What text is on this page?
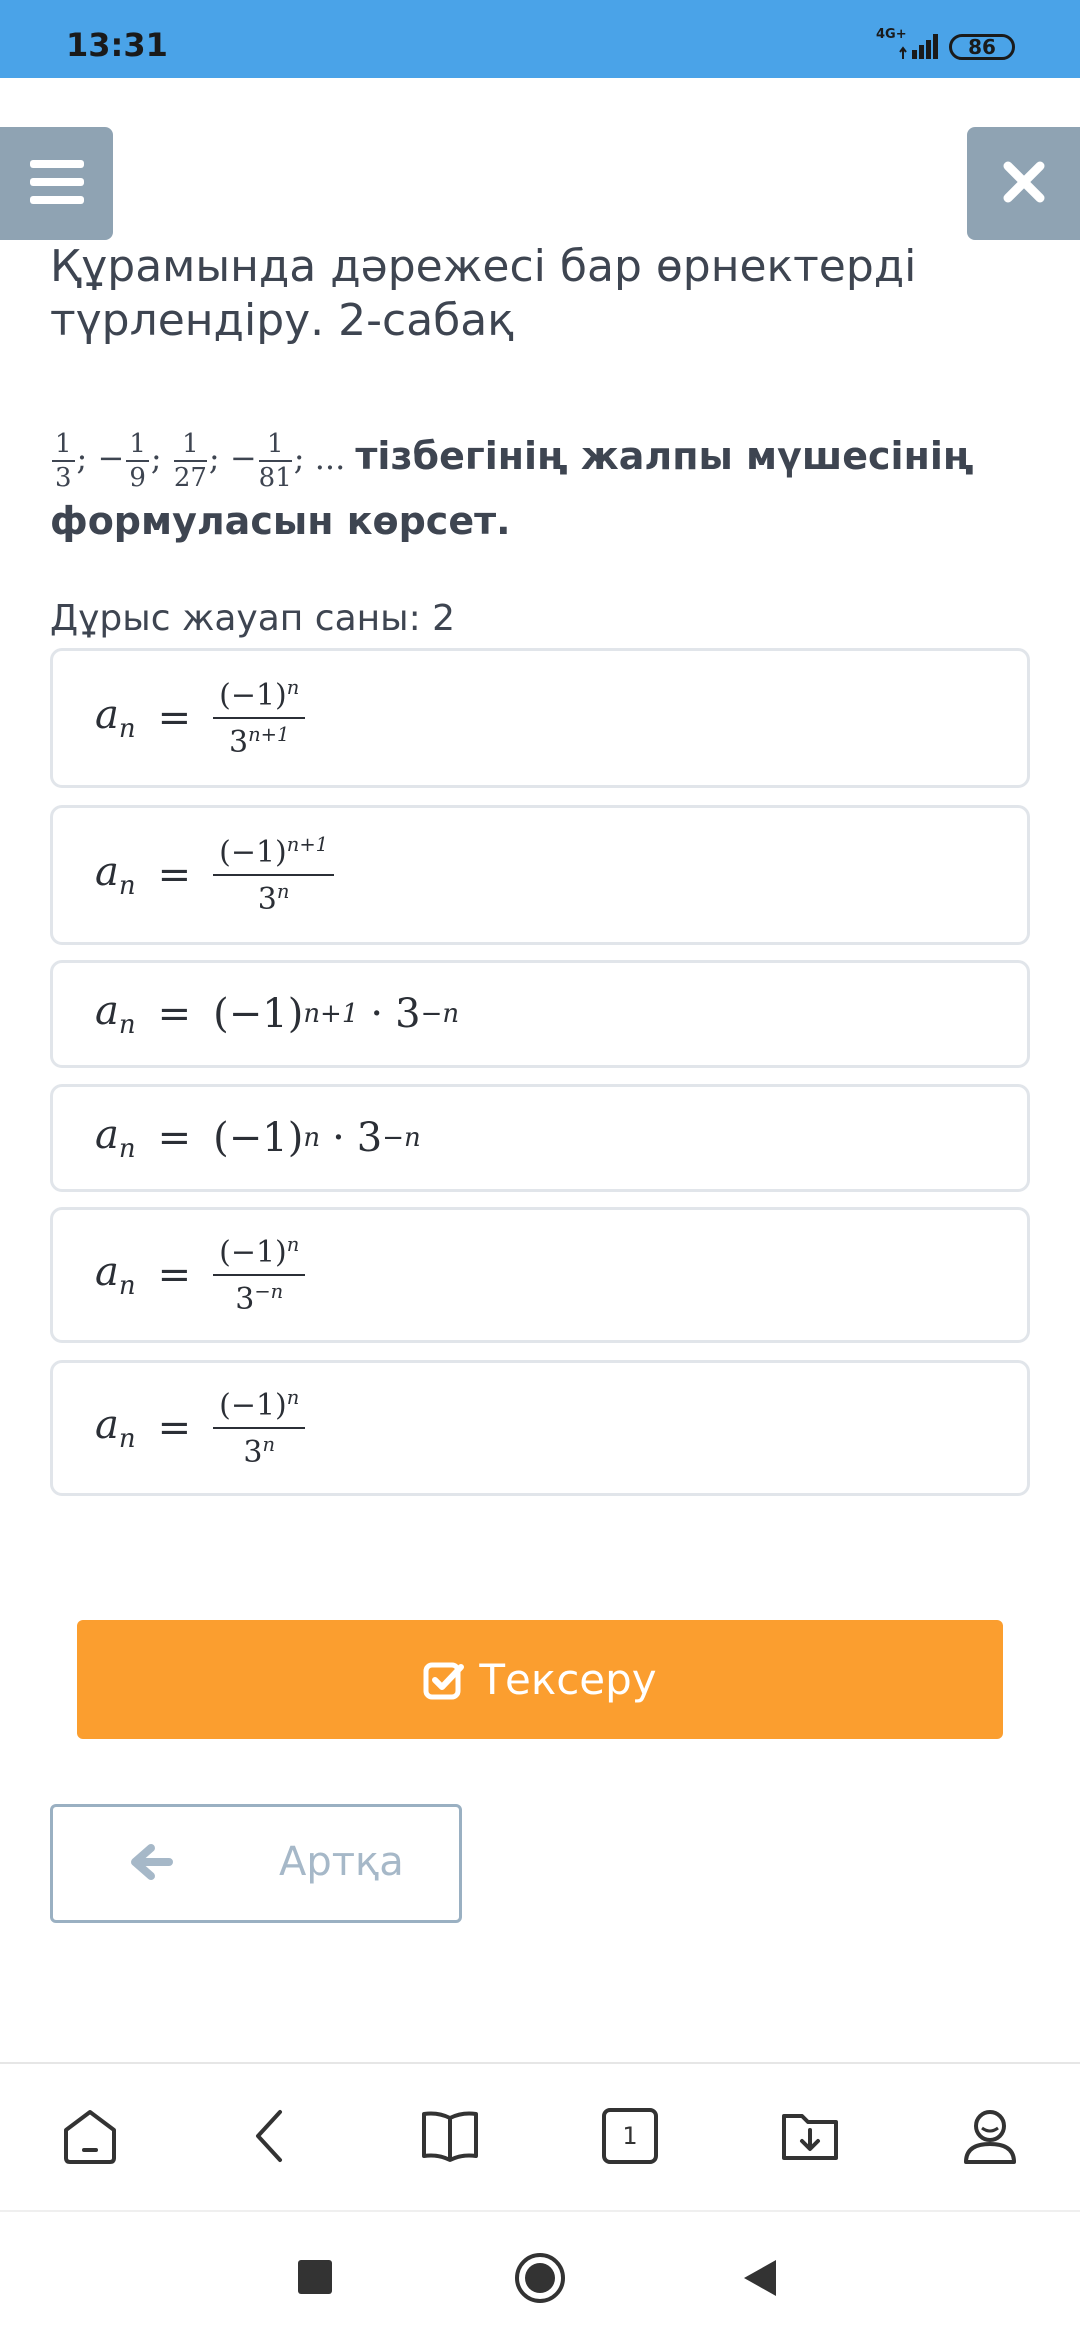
13:31	4G+
86
Құрамында дәрежесі бар өрнектерді түрлендіру. 2-сабақ
$\frac{1}{3}$ ; − $\frac{1}{9}$ ; $\frac{1}{27}$ ; − $\frac{1}{81}$ ; ... тізбегінің жалпы мүшесінің формуласын көрсет.
Дұрыс жауап саны: 2
$a_n = \frac{(-1)^n}{3^{n+1}}$
$a_n = \frac{(-1)^{n+1}}{3^n}$
$a_n = (-1) n+1 \cdot 3 -n$
$a_n = (-1) n \cdot 3 -n$
$a_n = \frac{(-1)^n}{3^{-n}}$
$a_n = \frac{(-1)^n}{3^n}$
Тексеру
Артқа
1
